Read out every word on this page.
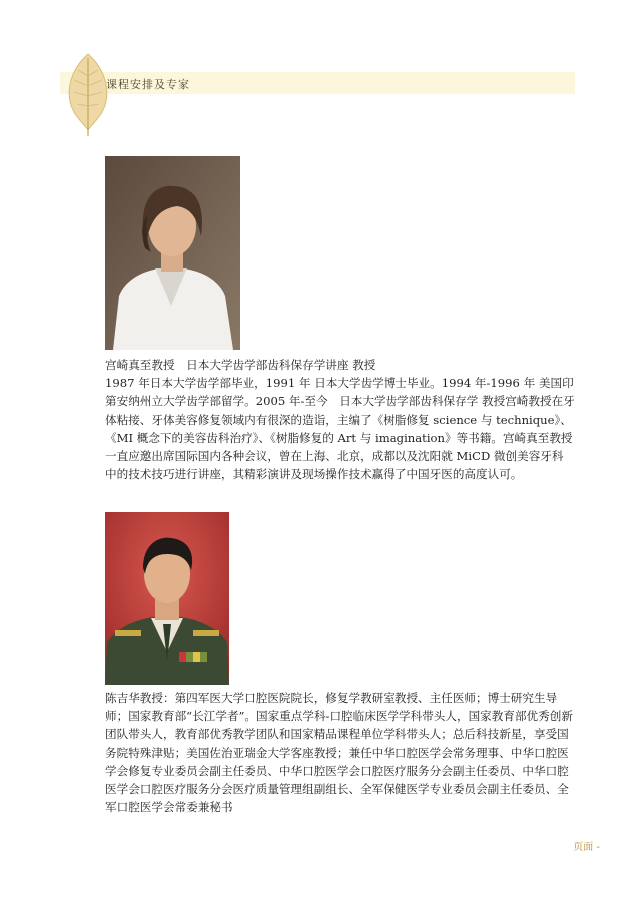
课程安排及专家

宫崎真至教授　日本大学齿学部齿科保存学讲座 教授

1987 年日本大学齿学部毕业，1991 年 日本大学齿学博士毕业。1994 年-1996 年 美国印第安纳州立大学齿学部留学。2005 年-至今　日本大学齿学部齿科保存学 教授宫崎教授在牙体粘接、牙体美容修复领域内有很深的造诣，主编了《树脂修复 science 与 technique》、《MI 概念下的美容齿科治疗》、《树脂修复的 Art 与 imagination》等书籍。宫崎真至教授一直应邀出席国际国内各种会议，曾在上海、北京，成都以及沈阳就 MiCD 微创美容牙科中的技术技巧进行讲座，其精彩演讲及现场操作技术赢得了中国牙医的高度认可。

陈吉华教授：第四军医大学口腔医院院长，修复学教研室教授、主任医师；博士研究生导师；国家教育部“长江学者”。国家重点学科-口腔临床医学学科带头人，国家教育部优秀创新团队带头人，教育部优秀教学团队和国家精品课程单位学科带头人；总后科技新星，享受国务院特殊津贴；美国佐治亚瑞金大学客座教授；兼任中华口腔医学会常务理事、中华口腔医学会修复专业委员会副主任委员、中华口腔医学会口腔医疗服务分会副主任委员、中华口腔医学会口腔医疗服务分会医疗质量管理组副组长、全军保健医学专业委员会副主任委员、全军口腔医学会常委兼秘书

页面 -
